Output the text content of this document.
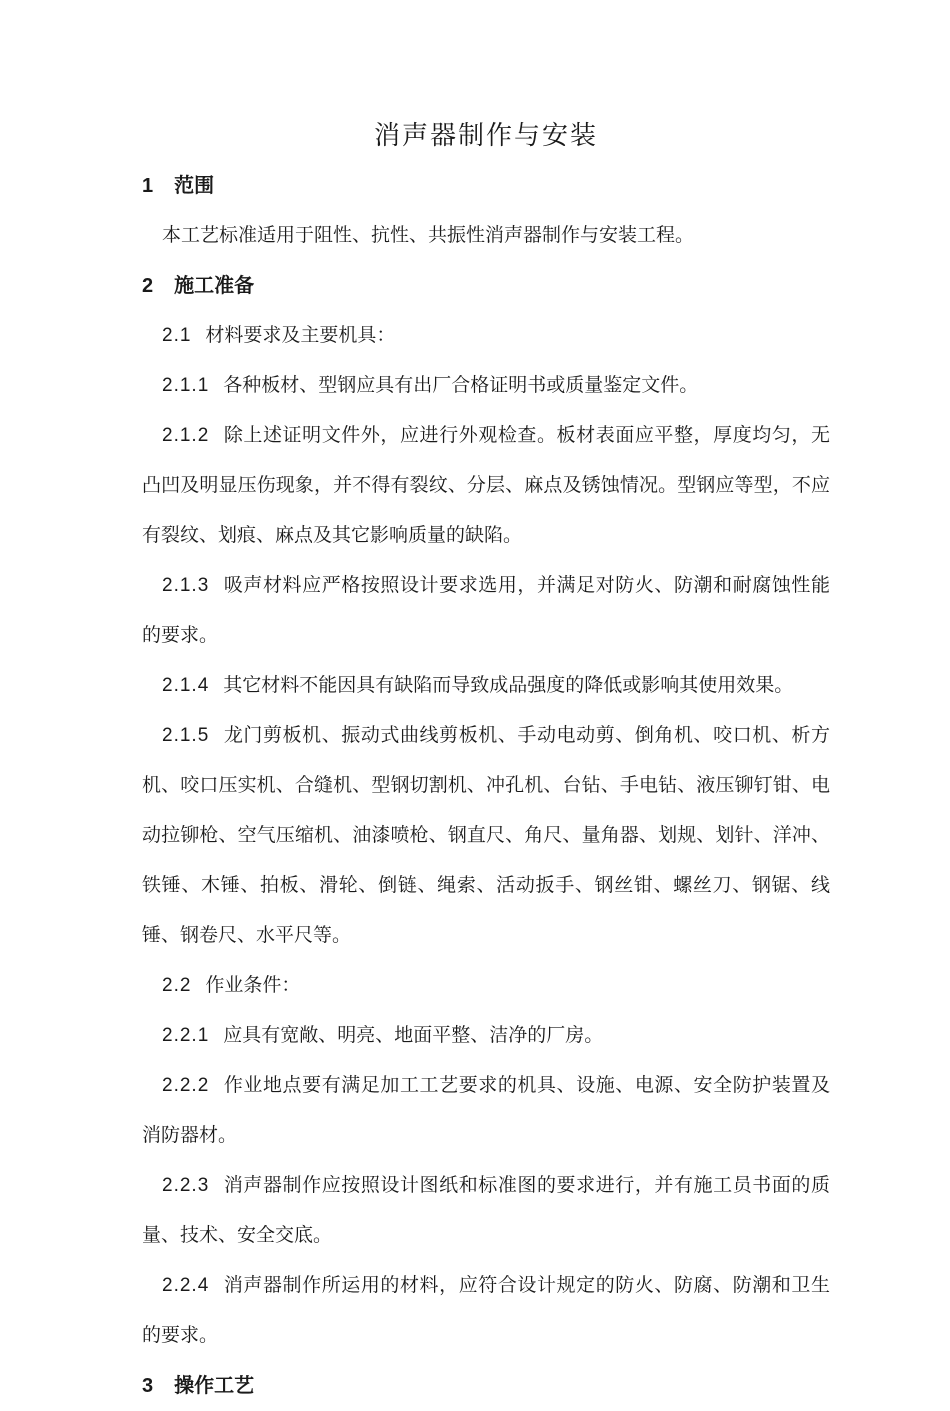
消声器制作与安装
1 范围
本工艺标准适用于阻性、抗性、共振性消声器制作与安装工程。
2 施工准备
2.1 材料要求及主要机具：
2.1.1 各种板材、型钢应具有出厂合格证明书或质量鉴定文件。
2.1.2 除上述证明文件外，应进行外观检查。板材表面应平整，厚度均匀，无凸凹及明显压伤现象，并不得有裂纹、分层、麻点及锈蚀情况。型钢应等型，不应有裂纹、划痕、麻点及其它影响质量的缺陷。
2.1.3 吸声材料应严格按照设计要求选用，并满足对防火、防潮和耐腐蚀性能的要求。
2.1.4 其它材料不能因具有缺陷而导致成品强度的降低或影响其使用效果。
2.1.5 龙门剪板机、振动式曲线剪板机、手动电动剪、倒角机、咬口机、析方机、咬口压实机、合缝机、型钢切割机、冲孔机、台钻、手电钻、液压铆钉钳、电动拉铆枪、空气压缩机、油漆喷枪、钢直尺、角尺、量角器、划规、划针、洋冲、铁锤、木锤、拍板、滑轮、倒链、绳索、活动扳手、钢丝钳、螺丝刀、钢锯、线锤、钢卷尺、水平尺等。
2.2 作业条件：
2.2.1 应具有宽敞、明亮、地面平整、洁净的厂房。
2.2.2 作业地点要有满足加工工艺要求的机具、设施、电源、安全防护装置及消防器材。
2.2.3 消声器制作应按照设计图纸和标准图的要求进行，并有施工员书面的质量、技术、安全交底。
2.2.4 消声器制作所运用的材料，应符合设计规定的防火、防腐、防潮和卫生的要求。
3 操作工艺
